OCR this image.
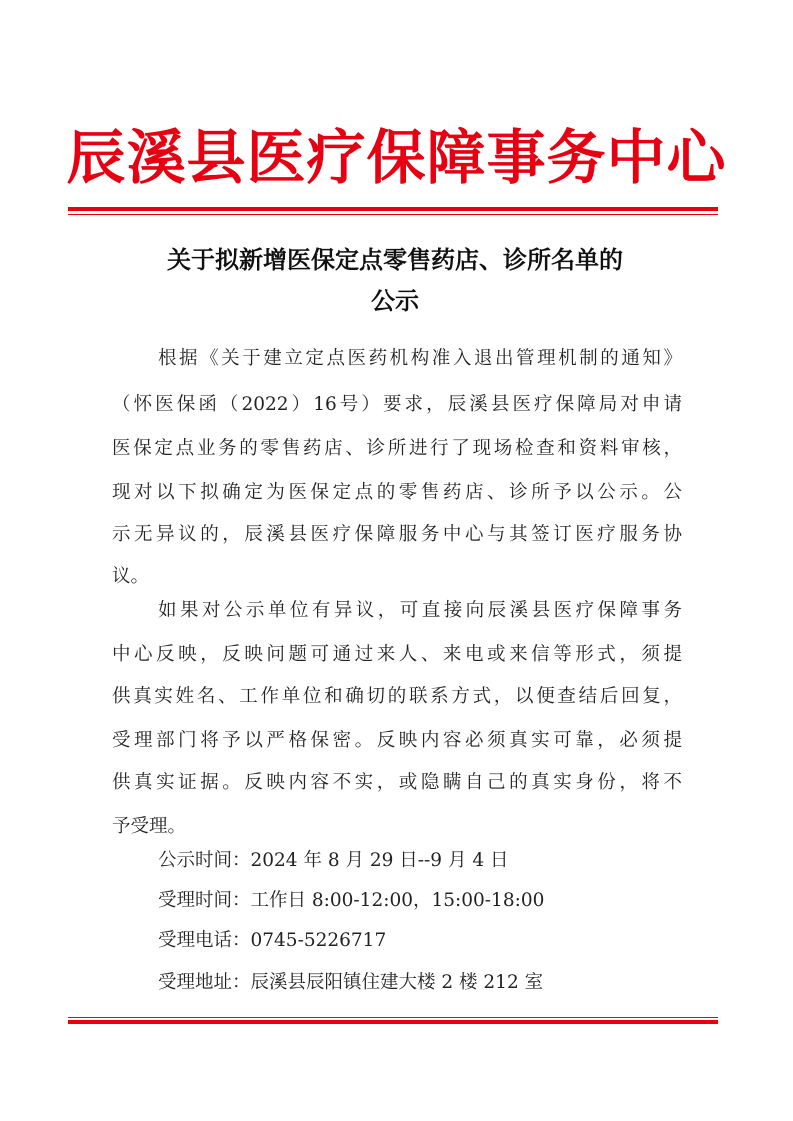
辰溪县医疗保障事务中心
关于拟新增医保定点零售药店、诊所名单的
公示
根据《关于建立定点医药机构准入退出管理机制的通知》
（怀医保函（2022）16号）要求，辰溪县医疗保障局对申请
医保定点业务的零售药店、诊所进行了现场检查和资料审核，
现对以下拟确定为医保定点的零售药店、诊所予以公示。公
示无异议的，辰溪县医疗保障服务中心与其签订医疗服务协
议。
如果对公示单位有异议，可直接向辰溪县医疗保障事务
中心反映，反映问题可通过来人、来电或来信等形式，须提
供真实姓名、工作单位和确切的联系方式，以便查结后回复，
受理部门将予以严格保密。反映内容必须真实可靠，必须提
供真实证据。反映内容不实，或隐瞒自己的真实身份，将不
予受理。
公示时间：2024 年 8 月 29 日--9 月 4 日
受理时间：工作日 8:00-12:00，15:00-18:00
受理电话：0745-5226717
受理地址：辰溪县辰阳镇住建大楼 2 楼 212 室
